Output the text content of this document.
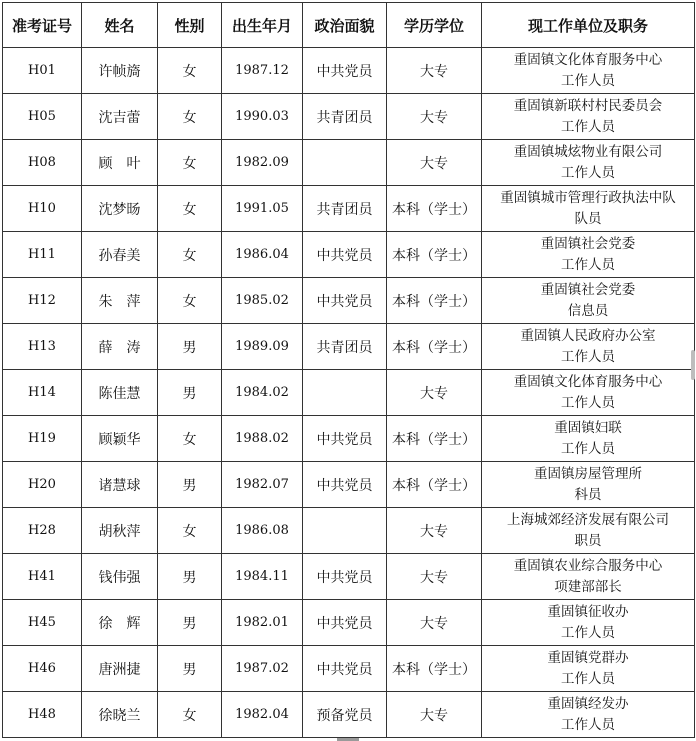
准考证号	姓名	性别	出生年月	政治面貌	学历学位	现工作单位及职务
H01	许帧旖	女	1987.12	中共党员	大专	重固镇文化体育服务中心
工作人员

H05	沈吉蕾	女	1990.03	共青团员	大专	重固镇新联村村民委员会
工作人员

H08	顾　叶	女	1982.09		大专	重固镇城炫物业有限公司
工作人员

H10	沈梦旸	女	1991.05	共青团员	本科（学士）	重固镇城市管理行政执法中队
队员

H11	孙春美	女	1986.04	中共党员	本科（学士）	重固镇社会党委
工作人员

H12	朱　萍	女	1985.02	中共党员	本科（学士）	重固镇社会党委
信息员

H13	薛　涛	男	1989.09	共青团员	本科（学士）	重固镇人民政府办公室
工作人员

H14	陈佳慧	男	1984.02		大专	重固镇文化体育服务中心
工作人员

H19	顾颖华	女	1988.02	中共党员	本科（学士）	重固镇妇联
工作人员

H20	诸慧球	男	1982.07	中共党员	本科（学士）	重固镇房屋管理所
科员

H28	胡秋萍	女	1986.08		大专	上海城郊经济发展有限公司
职员

H41	钱伟强	男	1984.11	中共党员	大专	重固镇农业综合服务中心
项建部部长

H45	徐　辉	男	1982.01	中共党员	大专	重固镇征收办
工作人员

H46	唐洲捷	男	1987.02	中共党员	本科（学士）	重固镇党群办
工作人员

H48	徐晓兰	女	1982.04	预备党员	大专	重固镇经发办
工作人员
